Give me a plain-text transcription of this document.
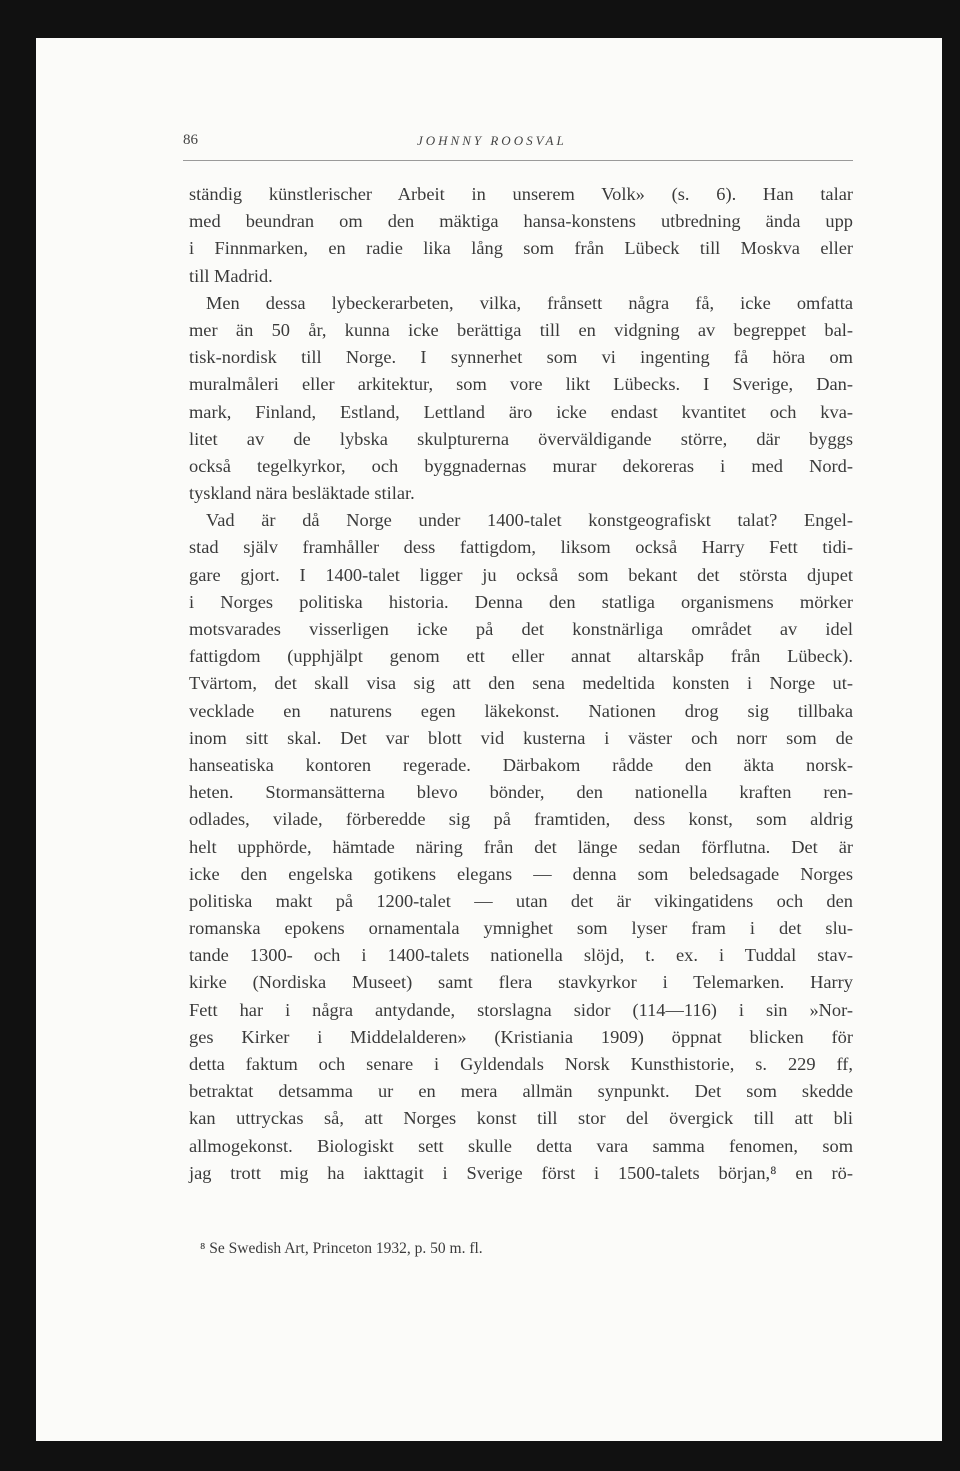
86	JOHNNY ROOSVAL
ständig künstlerischer Arbeit in unserem Volk» (s. 6). Han talar
med beundran om den mäktiga hansa-konstens utbredning ända upp
i Finnmarken, en radie lika lång som från Lübeck till Moskva eller
till Madrid.
Men dessa lybeckerarbeten, vilka, frånsett några få, icke omfatta
mer än 50 år, kunna icke berättiga till en vidgning av begreppet bal-
tisk-nordisk till Norge. I synnerhet som vi ingenting få höra om
muralmåleri eller arkitektur, som vore likt Lübecks. I Sverige, Dan-
mark, Finland, Estland, Lettland äro icke endast kvantitet och kva-
litet av de lybska skulpturerna överväldigande större, där byggs
också tegelkyrkor, och byggnadernas murar dekoreras i med Nord-
tyskland nära besläktade stilar.
Vad är då Norge under 1400-talet konstgeografiskt talat? Engel-
stad själv framhåller dess fattigdom, liksom också Harry Fett tidi-
gare gjort. I 1400-talet ligger ju också som bekant det största djupet
i Norges politiska historia. Denna den statliga organismens mörker
motsvarades visserligen icke på det konstnärliga området av idel
fattigdom (upphjälpt genom ett eller annat altarskåp från Lübeck).
Tvärtom, det skall visa sig att den sena medeltida konsten i Norge ut-
vecklade en naturens egen läkekonst. Nationen drog sig tillbaka
inom sitt skal. Det var blott vid kusterna i väster och norr som de
hanseatiska kontoren regerade. Därbakom rådde den äkta norsk-
heten. Stormansätterna blevo bönder, den nationella kraften ren-
odlades, vilade, förberedde sig på framtiden, dess konst, som aldrig
helt upphörde, hämtade näring från det länge sedan förflutna. Det är
icke den engelska gotikens elegans — denna som beledsagade Norges
politiska makt på 1200-talet — utan det är vikingatidens och den
romanska epokens ornamentala ymnighet som lyser fram i det slu-
tande 1300- och i 1400-talets nationella slöjd, t. ex. i Tuddal stav-
kirke (Nordiska Museet) samt flera stavkyrkor i Telemarken. Harry
Fett har i några antydande, storslagna sidor (114—116) i sin »Nor-
ges Kirker i Middelalderen» (Kristiania 1909) öppnat blicken för
detta faktum och senare i Gyldendals Norsk Kunsthistorie, s. 229 ff,
betraktat detsamma ur en mera allmän synpunkt. Det som skedde
kan uttryckas så, att Norges konst till stor del övergick till att bli
allmogekonst. Biologiskt sett skulle detta vara samma fenomen, som
jag trott mig ha iakttagit i Sverige först i 1500-talets början,⁸ en rö-
⁸ Se Swedish Art, Princeton 1932, p. 50 m. fl.
